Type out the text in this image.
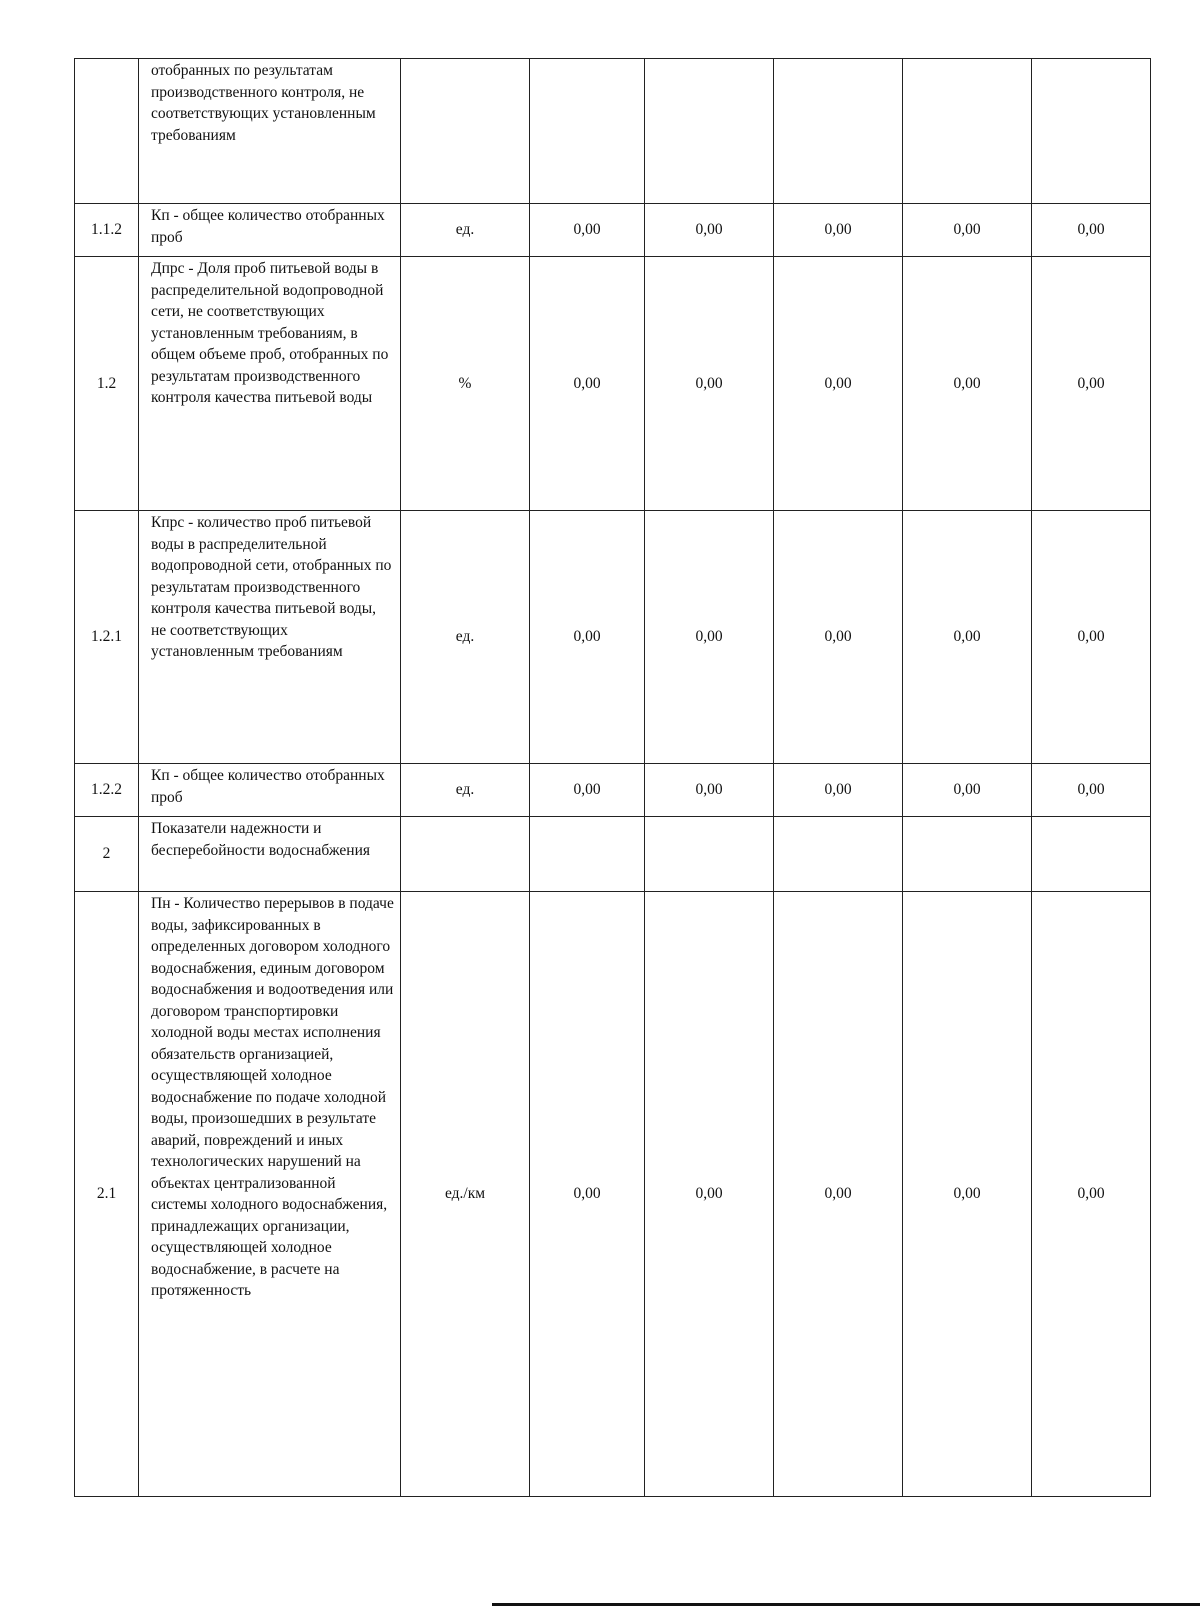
	отобранных по результатам производственного контроля, не соответствующих установленным требованиям						
1.1.2	Кп - общее количество отобранных проб	ед.	0,00	0,00	0,00	0,00	0,00
1.2	Дпрс - Доля проб питьевой воды в распределительной водопроводной сети, не соответствующих установленным требованиям, в общем объеме проб, отобранных по результатам производственного контроля качества питьевой воды	%	0,00	0,00	0,00	0,00	0,00
1.2.1	Кпрс - количество проб питьевой воды в распределительной водопроводной сети, отобранных по результатам производственного контроля качества питьевой воды, не соответствующих установленным требованиям	ед.	0,00	0,00	0,00	0,00	0,00
1.2.2	Кп - общее количество отобранных проб	ед.	0,00	0,00	0,00	0,00	0,00
2	Показатели надежности и бесперебойности водоснабжения						
2.1	Пн - Количество перерывов в подаче воды, зафиксированных в определенных договором холодного водоснабжения, единым договором водоснабжения и водоотведения или договором транспортировки холодной воды местах исполнения обязательств организацией, осуществляющей холодное водоснабжение по подаче холодной воды, произошедших в результате аварий, повреждений и иных технологических нарушений на объектах централизованной системы холодного водоснабжения, принадлежащих организации, осуществляющей холодное водоснабжение, в расчете на протяженность	ед./км	0,00	0,00	0,00	0,00	0,00
